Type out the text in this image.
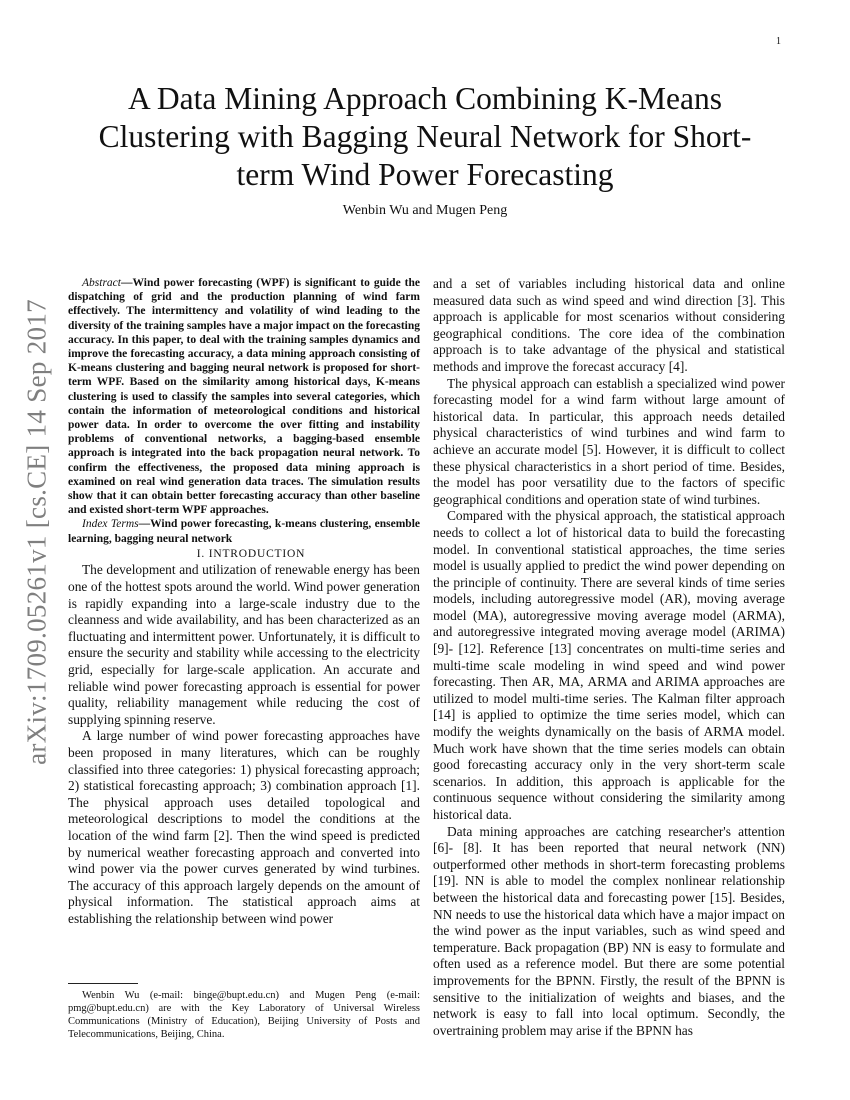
1
arXiv:1709.05261v1 [cs.CE] 14 Sep 2017
A Data Mining Approach Combining K-Means Clustering with Bagging Neural Network for Short-term Wind Power Forecasting
Wenbin Wu and Mugen Peng

Abstract—Wind power forecasting (WPF) is significant to guide the dispatching of grid and the production planning of wind farm effectively. The intermittency and volatility of wind leading to the diversity of the training samples have a major impact on the forecasting accuracy. In this paper, to deal with the training samples dynamics and improve the forecasting accuracy, a data mining approach consisting of K-means clustering and bagging neural network is proposed for short-term WPF. Based on the similarity among historical days, K-means clustering is used to classify the samples into several categories, which contain the information of meteorological conditions and historical power data. In order to overcome the over fitting and instability problems of conventional networks, a bagging-based ensemble approach is integrated into the back propagation neural network. To confirm the effectiveness, the proposed data mining approach is examined on real wind generation data traces. The simulation results show that it can obtain better forecasting accuracy than other baseline and existed short-term WPF approaches.

Index Terms—Wind power forecasting, k-means clustering, ensemble learning, bagging neural network

I. INTRODUCTION

The development and utilization of renewable energy has been one of the hottest spots around the world. Wind power generation is rapidly expanding into a large-scale industry due to the cleanness and wide availability, and has been characterized as an fluctuating and intermittent power. Unfortunately, it is difficult to ensure the security and stability while accessing to the electricity grid, especially for large-scale application. An accurate and reliable wind power forecasting approach is essential for power quality, reliability management while reducing the cost of supplying spinning reserve.

A large number of wind power forecasting approaches have been proposed in many literatures, which can be roughly classified into three categories: 1) physical forecasting approach; 2) statistical forecasting approach; 3) combination approach [1]. The physical approach uses detailed topological and meteorological descriptions to model the conditions at the location of the wind farm [2]. Then the wind speed is predicted by numerical weather forecasting approach and converted into wind power via the power curves generated by wind turbines. The accuracy of this approach largely depends on the amount of physical information. The statistical approach aims at establishing the relationship between wind power

Wenbin Wu (e-mail: binge@bupt.edu.cn) and Mugen Peng (e-mail: pmg@bupt.edu.cn) are with the Key Laboratory of Universal Wireless Communications (Ministry of Education), Beijing University of Posts and Telecommunications, Beijing, China.

and a set of variables including historical data and online measured data such as wind speed and wind direction [3]. This approach is applicable for most scenarios without considering geographical conditions. The core idea of the combination approach is to take advantage of the physical and statistical methods and improve the forecast accuracy [4].

The physical approach can establish a specialized wind power forecasting model for a wind farm without large amount of historical data. In particular, this approach needs detailed physical characteristics of wind turbines and wind farm to achieve an accurate model [5]. However, it is difficult to collect these physical characteristics in a short period of time. Besides, the model has poor versatility due to the factors of specific geographical conditions and operation state of wind turbines.

Compared with the physical approach, the statistical approach needs to collect a lot of historical data to build the forecasting model. In conventional statistical approaches, the time series model is usually applied to predict the wind power depending on the principle of continuity. There are several kinds of time series models, including autoregressive model (AR), moving average model (MA), autoregressive moving average model (ARMA), and autoregressive integrated moving average model (ARIMA) [9]- [12]. Reference [13] concentrates on multi-time series and multi-time scale modeling in wind speed and wind power forecasting. Then AR, MA, ARMA and ARIMA approaches are utilized to model multi-time series. The Kalman filter approach [14] is applied to optimize the time series model, which can modify the weights dynamically on the basis of ARMA model. Much work have shown that the time series models can obtain good forecasting accuracy only in the very short-term scale scenarios. In addition, this approach is applicable for the continuous sequence without considering the similarity among historical data.

Data mining approaches are catching researcher's attention [6]- [8]. It has been reported that neural network (NN) outperformed other methods in short-term forecasting problems [19]. NN is able to model the complex nonlinear relationship between the historical data and forecasting power [15]. Besides, NN needs to use the historical data which have a major impact on the wind power as the input variables, such as wind speed and temperature. Back propagation (BP) NN is easy to formulate and often used as a reference model. But there are some potential improvements for the BPNN. Firstly, the result of the BPNN is sensitive to the initialization of weights and biases, and the network is easy to fall into local optimum. Secondly, the overtraining problem may arise if the BPNN has
